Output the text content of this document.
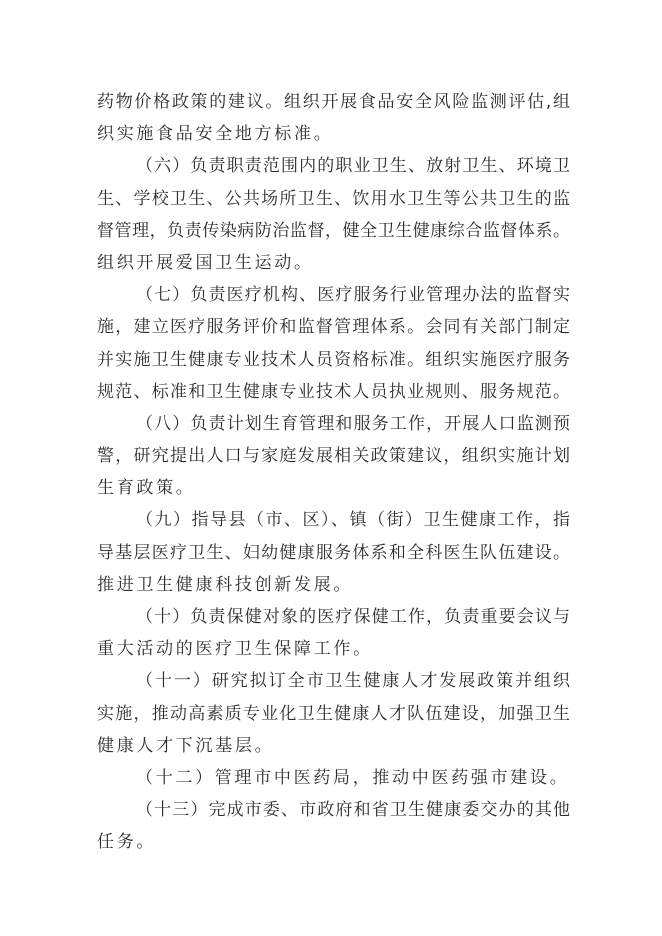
药物价格政策的建议。组织开展食品安全风险监测评估,组
织实施食品安全地方标准。
（六）负责职责范围内的职业卫生、放射卫生、环境卫
生、学校卫生、公共场所卫生、饮用水卫生等公共卫生的监
督管理，负责传染病防治监督，健全卫生健康综合监督体系。
组织开展爱国卫生运动。
（七）负责医疗机构、医疗服务行业管理办法的监督实
施，建立医疗服务评价和监督管理体系。会同有关部门制定
并实施卫生健康专业技术人员资格标准。组织实施医疗服务
规范、标准和卫生健康专业技术人员执业规则、服务规范。
（八）负责计划生育管理和服务工作，开展人口监测预
警，研究提出人口与家庭发展相关政策建议，组织实施计划
生育政策。
（九）指导县（市、区）、镇（街）卫生健康工作，指
导基层医疗卫生、妇幼健康服务体系和全科医生队伍建设。
推进卫生健康科技创新发展。
（十）负责保健对象的医疗保健工作，负责重要会议与
重大活动的医疗卫生保障工作。
（十一）研究拟订全市卫生健康人才发展政策并组织
实施，推动高素质专业化卫生健康人才队伍建设，加强卫生
健康人才下沉基层。
（十二）管理市中医药局，推动中医药强市建设。
（十三）完成市委、市政府和省卫生健康委交办的其他
任务。
